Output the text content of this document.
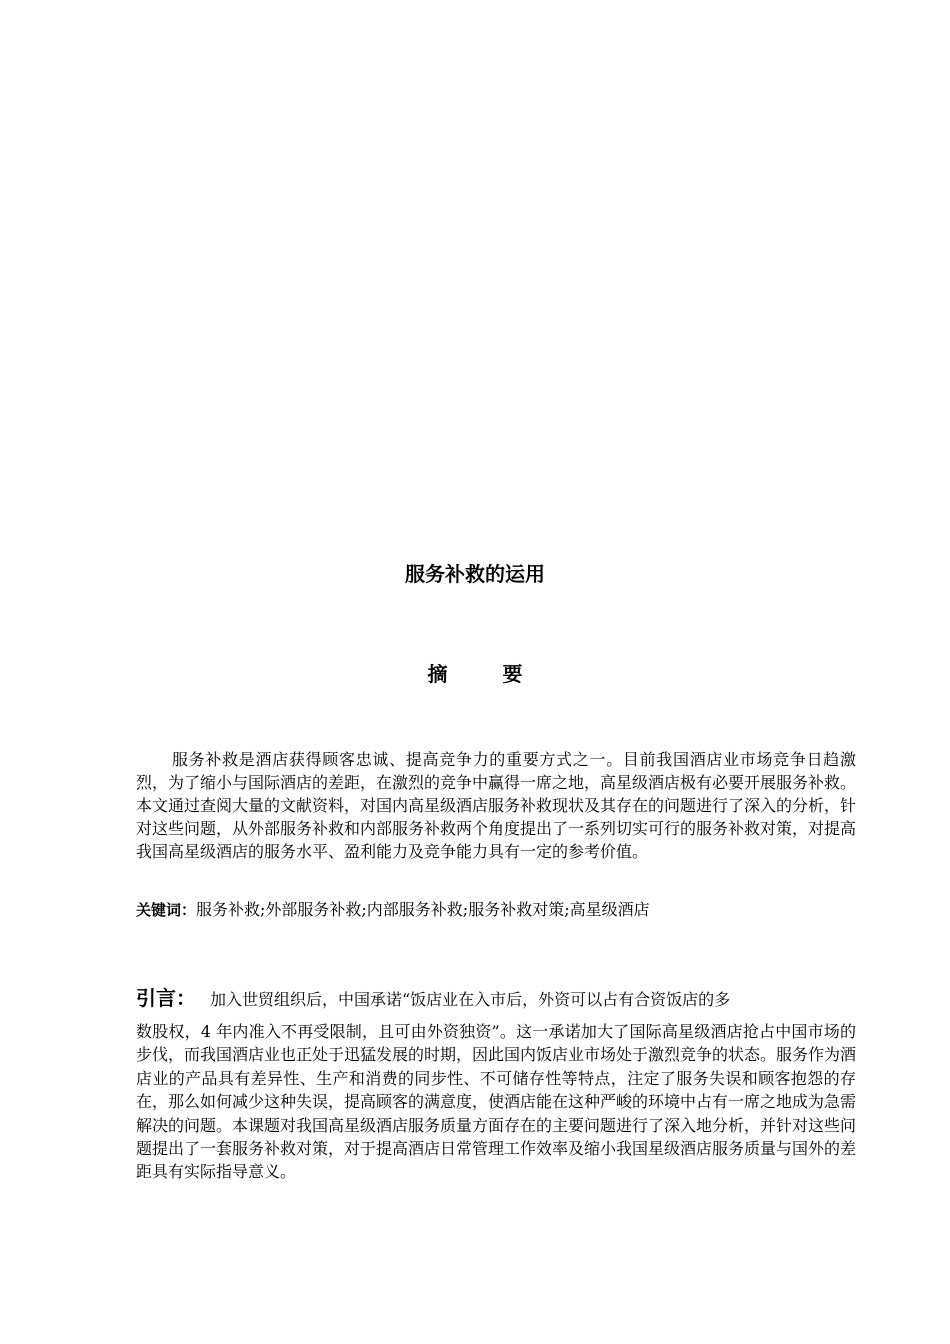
服务补救的运用
摘	要

服务补救是酒店获得顾客忠诚、提高竞争力的重要方式之一。目前我国酒店业市场竞争日趋激烈，为了缩小与国际酒店的差距，在激烈的竞争中赢得一席之地，高星级酒店极有必要开展服务补救。本文通过查阅大量的文献资料，对国内高星级酒店服务补救现状及其存在的问题进行了深入的分析，针对这些问题，从外部服务补救和内部服务补救两个角度提出了一系列切实可行的服务补救对策，对提高我国高星级酒店的服务水平、盈利能力及竞争能力具有一定的参考价值。

关键词：服务补救;外部服务补救;内部服务补救;服务补救对策;高星级酒店

引言： 加入世贸组织后，中国承诺“饭店业在入市后，外资可以占有合资饭店的多

数股权，4 年内准入不再受限制，且可由外资独资”。这一承诺加大了国际高星级酒店抢占中国市场的步伐，而我国酒店业也正处于迅猛发展的时期，因此国内饭店业市场处于激烈竞争的状态。服务作为酒店业的产品具有差异性、生产和消费的同步性、不可储存性等特点，注定了服务失误和顾客抱怨的存在，那么如何减少这种失误，提高顾客的满意度，使酒店能在这种严峻的环境中占有一席之地成为急需解决的问题。本课题对我国高星级酒店服务质量方面存在的主要问题进行了深入地分析，并针对这些问题提出了一套服务补救对策，对于提高酒店日常管理工作效率及缩小我国星级酒店服务质量与国外的差距具有实际指导意义。
